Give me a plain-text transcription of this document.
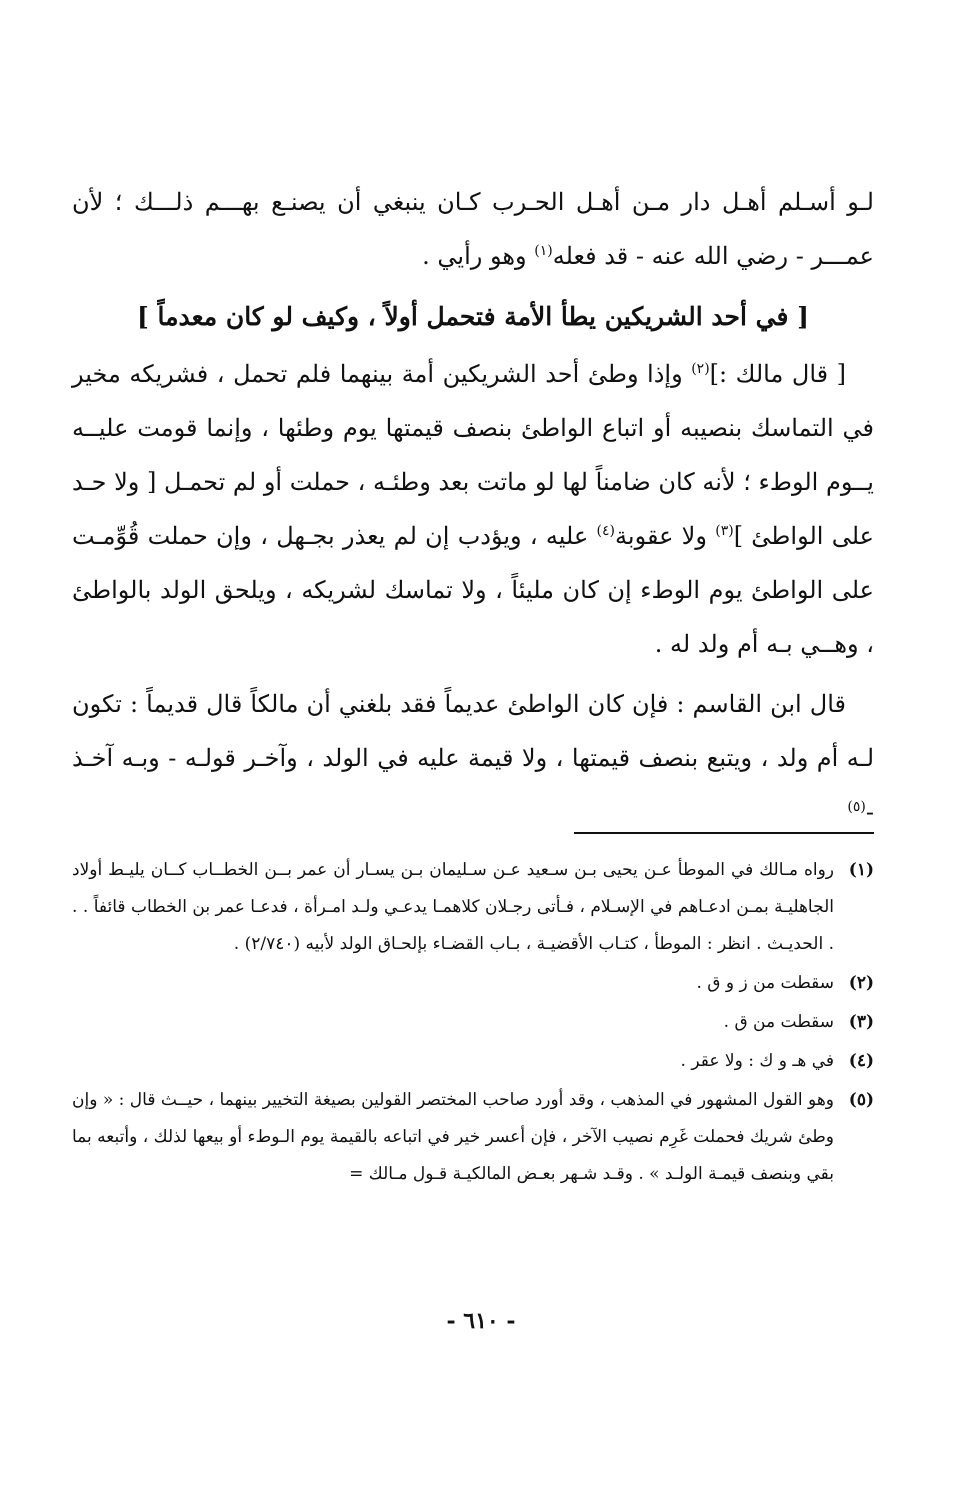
لـو أسـلم أهـل دار مـن أهـل الحـرب كـان ينبغي أن يصنـع بهـــم ذلـــك ؛ لأن عمـــر - رضي الله عنه - قد فعله$^{(١)}$ وهو رأيي .

[ في أحد الشريكين يطأ الأمة فتحمل أولاً ، وكيف لو كان معدماً ]

[ قال مالك :]$^{(٢)}$ وإذا وطئ أحد الشريكين أمة بينهما فلم تحمل ، فشريكه مخير في التماسك بنصيبه أو اتباع الواطئ بنصف قيمتها يوم وطئها ، وإنما قومت عليــه يــوم الوطء ؛ لأنه كان ضامناً لها لو ماتت بعد وطئـه ، حملت أو لم تحمـل [ ولا حـد على الواطئ ]$^{(٣)}$ ولا عقوبة$^{(٤)}$ عليه ، ويؤدب إن لم يعذر بجـهل ، وإن حملت قُوِّمـت على الواطئ يوم الوطء إن كان مليئاً ، ولا تماسك لشريكه ، ويلحق الولد بالواطئ ، وهــي بـه أم ولد له .

قال ابن القاسم : فإن كان الواطئ عديماً فقد بلغني أن مالكاً قال قديماً : تكون لـه أم ولد ، ويتبع بنصف قيمتها ، ولا قيمة عليه في الولد ، وآخـر قولـه - وبـه آخـذ -$^{(٥)}$

(١)
رواه مـالك في الموطأ عـن يحيى بـن سـعيد عـن سـليمان بـن يسـار أن عمر بــن الخطــاب كــان يليـط أولاد الجاهليـة بمـن ادعـاهم في الإسـلام ، فـأتى رجـلان كلاهمـا يدعـي ولـد امـرأة ، فدعـا عمر بن الخطاب قائفاً . . . الحديـث . انظر : الموطأ ، كتـاب الأقضيـة ، بـاب القضـاء بإلحـاق الولد لأبيه (٢/٧٤٠) .
(٢)
سقطت من ز و ق .
(٣)
سقطت من ق .
(٤)
في هـ و ك : ولا عقر .
(٥)
وهو القول المشهور في المذهب ، وقد أورد صاحب المختصر القولين بصيغة التخيير بينهما ، حيــث قال : « وإن وطئ شريك فحملت غَرِم نصيب الآخر ، فإن أعسر خير في اتباعه بالقيمة يوم الـوطء أو بيعها لذلك ، وأتبعه بما بقي وبنصف قيمـة الولـد » . وقـد شـهر بعـض المالكيـة قـول مـالك =
- ٦١٠ -
